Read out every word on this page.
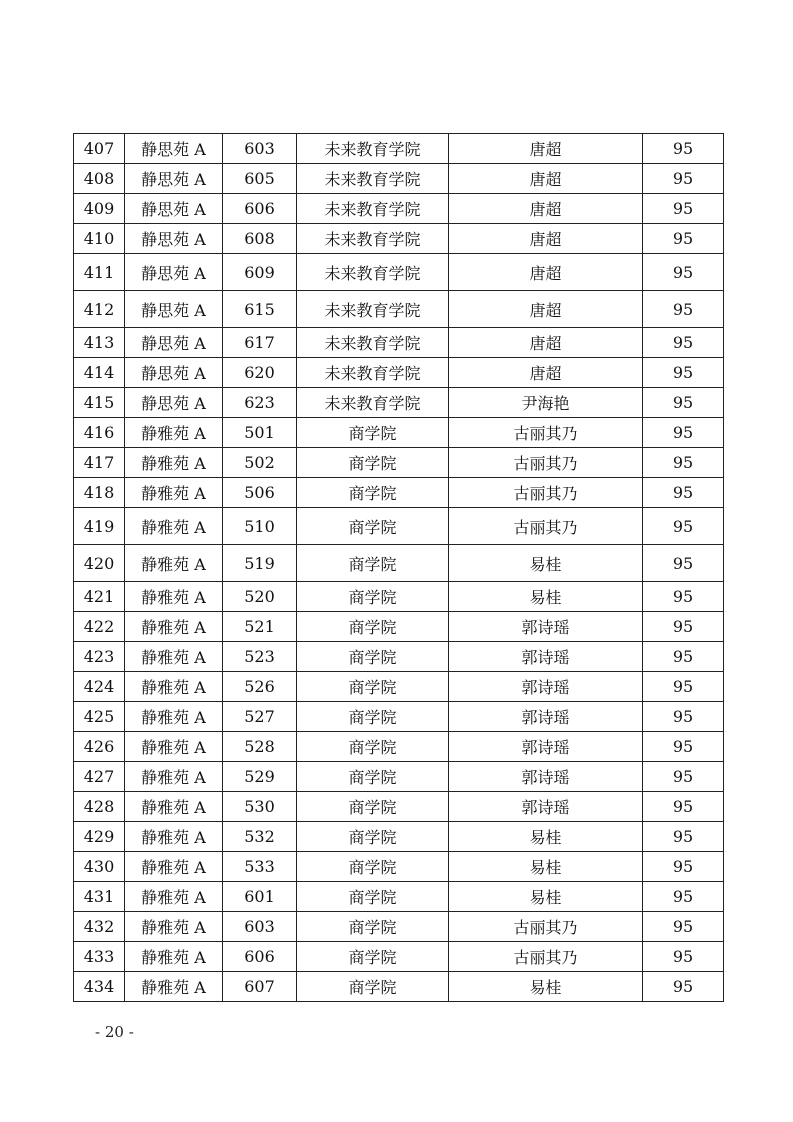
407	静思苑 A	603	未来教育学院	唐超	95
408	静思苑 A	605	未来教育学院	唐超	95
409	静思苑 A	606	未来教育学院	唐超	95
410	静思苑 A	608	未来教育学院	唐超	95
411	静思苑 A	609	未来教育学院	唐超	95
412	静思苑 A	615	未来教育学院	唐超	95
413	静思苑 A	617	未来教育学院	唐超	95
414	静思苑 A	620	未来教育学院	唐超	95
415	静思苑 A	623	未来教育学院	尹海艳	95
416	静雅苑 A	501	商学院	古丽其乃	95
417	静雅苑 A	502	商学院	古丽其乃	95
418	静雅苑 A	506	商学院	古丽其乃	95
419	静雅苑 A	510	商学院	古丽其乃	95
420	静雅苑 A	519	商学院	易桂	95
421	静雅苑 A	520	商学院	易桂	95
422	静雅苑 A	521	商学院	郭诗瑶	95
423	静雅苑 A	523	商学院	郭诗瑶	95
424	静雅苑 A	526	商学院	郭诗瑶	95
425	静雅苑 A	527	商学院	郭诗瑶	95
426	静雅苑 A	528	商学院	郭诗瑶	95
427	静雅苑 A	529	商学院	郭诗瑶	95
428	静雅苑 A	530	商学院	郭诗瑶	95
429	静雅苑 A	532	商学院	易桂	95
430	静雅苑 A	533	商学院	易桂	95
431	静雅苑 A	601	商学院	易桂	95
432	静雅苑 A	603	商学院	古丽其乃	95
433	静雅苑 A	606	商学院	古丽其乃	95
434	静雅苑 A	607	商学院	易桂	95
- 20 -
